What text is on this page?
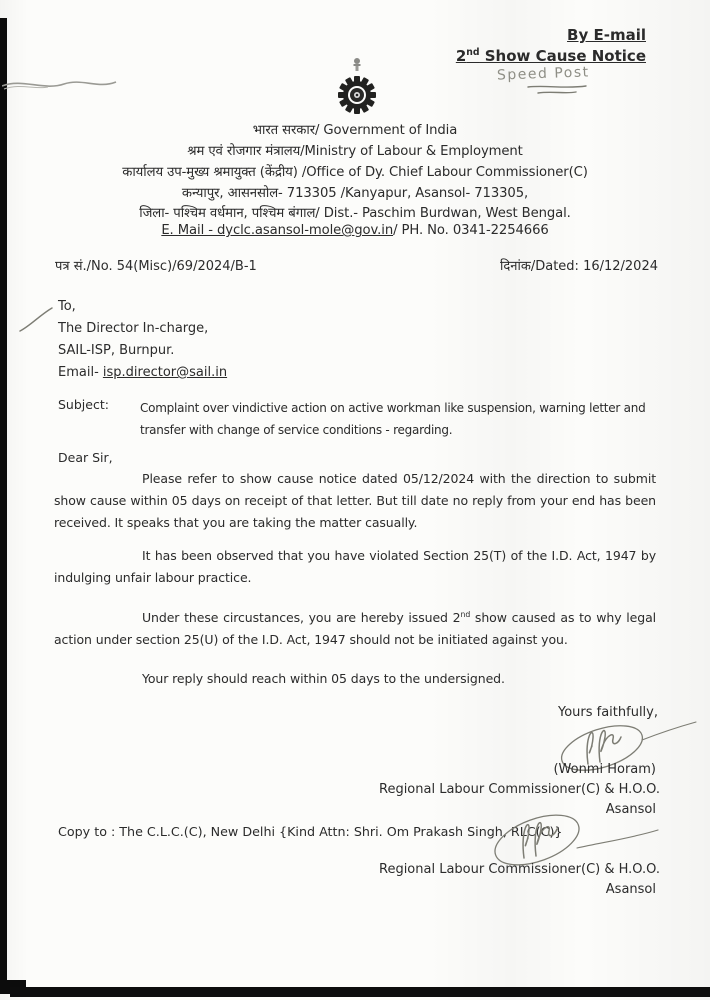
By E-mail
2nd Show Cause Notice
Speed Post
भारत सरकार/ Government of India
श्रम एवं रोजगार मंत्रालय/Ministry of Labour & Employment
कार्यालय उप-मुख्य श्रमायुक्त (केंद्रीय) /Office of Dy. Chief Labour Commissioner(C)
कन्यापुर, आसनसोल- 713305 /Kanyapur, Asansol- 713305,
जिला- पश्चिम वर्धमान, पश्चिम बंगाल/ Dist.- Paschim Burdwan, West Bengal.
E. Mail - dyclc.asansol-mole@gov.in/ PH. No. 0341-2254666
पत्र सं./No. 54(Misc)/69/2024/B-1	दिनांक/Dated: 16/12/2024
To,
The Director In-charge,
SAIL-ISP, Burnpur.
Email- isp.director@sail.in
Subject:	Complaint over vindictive action on active workman like suspension, warning letter and
transfer with change of service conditions - regarding.
Dear Sir,
Please refer to show cause notice dated 05/12/2024 with the direction to submit show cause within 05 days on receipt of that letter. But till date no reply from your end has been received. It speaks that you are taking the matter casually.
It has been observed that you have violated Section 25(T) of the I.D. Act, 1947 by indulging unfair labour practice.
Under these circustances, you are hereby issued 2nd show caused as to why legal action under section 25(U) of the I.D. Act, 1947 should not be initiated against you.
Your reply should reach within 05 days to the undersigned.
Yours faithfully,
(Wonmi Horam)
Regional Labour Commissioner(C) & H.O.O.
Asansol
Copy to : The C.L.C.(C), New Delhi {Kind Attn: Shri. Om Prakash Singh, RLC(C)}
Regional Labour Commissioner(C) & H.O.O.
Asansol
